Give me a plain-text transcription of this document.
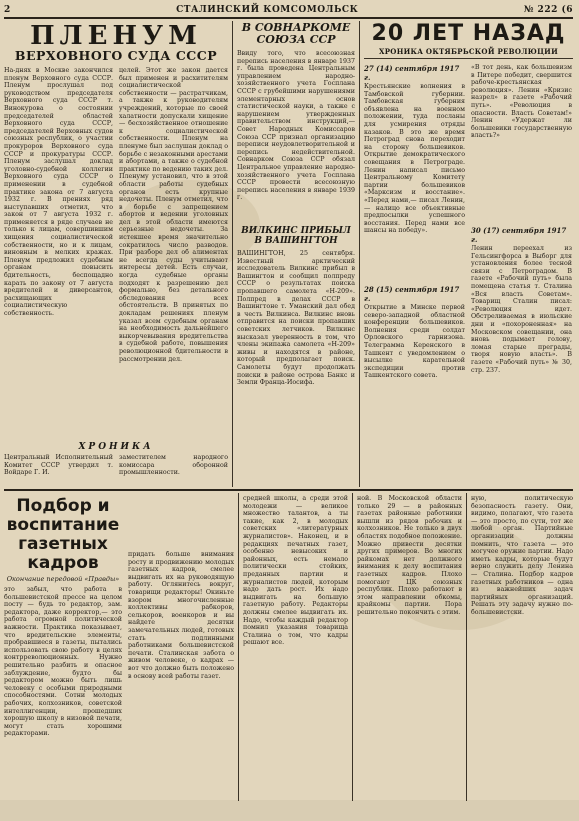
2	СТАЛИНСКИЙ КОМСОМОЛЬСК	№ 222 (6

ПЛЕНУМ

ВЕРХОВНОГО СУДА СССР

На-днях в Москве закончился пленум Верховного суда СССР. Пленум прослушал под руководством председателя Верховного суда СССР т. Винокурова о состоянии председателей областей Верховного суда СССР, председателей Верховных судов союзных республик, о участии прокуроров Верховного суда СССР и прокуратуры СССР. Пленум заслушал доклад уголовно-судебной коллегии Верховного суда СССР о применении в судебной практике закона от 7 августа 1932 г. В прениях ряд выступавших отметил, что закон от 7 августа 1932 г. применяется в ряде случаев не только к лицам, совершившим хищения социалистической собственности, но и к лицам, виновным в мелких кражах. Пленум предложил судебным органам повысить бдительность, беспощадно карать по закону от 7 августа вредителей и диверсантов, расхищающих социалистическую собственность.

целей. Этот же закон дается был применен и расхитителям социалистической собственности — растратчикам, а также к руководителям учреждений, которые по своей халатности допускали хищение — бесхозяйственное отношение к социалистической собственности. Пленум на пленуме был заслушан доклад о борьбе с незаконными арестами и абортами, а также о судебной практике по ведению таких дел. Пленуму установил, что в этой области работы судебных органов есть крупные недочеты. Пленум отметил, что в борьбе с запрещением абортов и ведении уголовных дел в этой области имеются серьезные недочеты. За истекшее время значительно сократилось число разводов. При разборе дел об алиментах не всегда суды учитывают интересы детей. Есть случаи, когда судебные органы подходят к разрешению дел формально, без детального обследования всех обстоятельств. В принятых по докладам решениях пленум указал всем судебным органам на необходимость дальнейшего выкорчевывания вредительства в судебной работе, повышения революционной бдительности в рассмотрении дел.

В СОВНАРКОМЕ СОЮЗА ССР

Ввиду того, что всесоюзная перепись населения в январе 1937 г. была проведена Центральным управлением народно-хозяйственного учета Госплана СССР с грубейшими нарушениями элементарных основ статистической науки, а также с нарушением утвержденных правительством инструкций,— Совет Народных Комиссаров Союза ССР признал организацию переписи неудовлетворительной и перепись недействительной. Совнарком Союза ССР обязал Центральное управление народно-хозяйственного учета Госплана СССР провести всесоюзную перепись населения в январе 1939 г.

ВИЛКИНС ПРИБЫЛ В ВАШИНГТОН

ВАШИНГТОН, 25 сентября. Известный арктический исследователь Вилкинс прибыл в Вашингтон и сообщил полпреду СССР о результатах поиска пропавшего самолета «Н-209». Полпред в делах СССР в Вашингтоне т. Уманский дал обед в честь Вилкинса. Вилкинс вновь отправится на поиски пропавших советских летчиков. Вилкинс высказал уверенность в том, что члены экипажа самолета «Н-209» живы и находятся в районе, который предполагает поиск. Самолеты будут продолжать поиски в районе острова Банкс и Земли Франца-Иосифа.

20 ЛЕТ НАЗАД

ХРОНИКА ОКТЯБРЬСКОЙ РЕВОЛЮЦИИ

27 (14) сентября 1917 г.

Крестьянские волнения в Тамбовской губернии. Тамбовская губерния объявлена на военном положении, туда посланы для усмирения отряды казаков. В это же время Петроград снова переходит на сторону большевиков. Открытие демократического совещания в Петрограде. Ленин написал письмо Центральному Комитету партии большевиков «Марксизм и восстание». «Перед нами,— писал Ленин,— налицо все объективные предпосылки успешного восстания. Перед нами все шансы на победу».

28 (15) сентября 1917 г.

Открытие в Минске первой северо-западной областной конференции большевиков. Волнения среди солдат Орловского гарнизона. Телеграмма Керенского в Ташкент с уведомлением о высылке карательной экспедиции против Ташкентского совета.

«В тот день, как большевизм в Питере победит, свершится рабоче-крестьянская революция». Ленин «Кризис назрел» в газете «Рабочий путь». «Революция в опасности. Власть Советам!» Ленин «Удержат ли большевики государственную власть?»

30 (17) сентября 1917 г.

Ленин переехал из Гельсингфорса в Выборг для установления более тесной связи с Петроградом. В газете «Рабочий путь» была помещена статья т. Сталина «Вся власть Советам». Товарищ Сталин писал: «Революция идет. Обстреливаемая в июльские дни и «похороненная» на Московском совещании, она вновь подымает голову, ломая старые преграды, творя новую власть». В газете «Рабочий путь» № 30, стр. 237.

ХРОНИКА

Центральный Исполнительный Комитет СССР утвердил т. Войдаре Г. И.

заместителем народного комиссара оборонной промышленности.

Подбор и воспитание газетных кадров

Окончание передовой «Правды»

это забыл, что работа в большевистской прессе на целом посту — будь то редактор, зам. редактора, даже корректор,— это работа огромной политической важности. Практика показывает, что вредительские элементы, пробравшиеся в газеты, пытались использовать свою работу в целях контрреволюционных. Нужно решительно разбить и опасное заблуждение, будто бы редактором можно быть лишь человеку с особыми природными способностями. Сотни молодых рабочих, колхозников, советской интеллигенции, прошедших хорошую школу в низовой печати, могут стать хорошими редакторами.

придать больше внимания росту и продвижению молодых газетных кадров, смелее выдвигать их на руководящую работу. Оглянитесь вокруг, товарищи редакторы! Окиньте взором многочисленные коллективы рабкоров, селькоров, военкоров и вы найдете десятки замечательных людей, готовых стать подлинными работниками большевистской печати. Сталинская забота о живом человеке, о кадрах — вот что должно быть положено в основу всей работы газет.

средней школы, а среди этой молодежи — великое множество талантов, а ты такие, как 2, в молодых советских «литературных журналистов». Наконец, и в редакциях печатных газет, особенно невысоких и районных, есть немало политически стойких, преданных партии и журналистов людей, которым надо дать рост. Их надо выдвигать на большую газетную работу. Редакторы должны смелее выдвигать их. Надо, чтобы каждый редактор помнил указания товарища Сталина о том, что кадры решают все.

ной. В Московской области только 29 — в районных газетах районные работники вышли из рядов рабочих и колхозников. Не только в двух областях подобное положение. Можно привести десятки других примеров. Во многих райкомах нет должного внимания к делу воспитания газетных кадров. Плохо помогают ЦК союзных республик. Плохо работают в этом направлении обкомы, крайкомы партии. Пора решительно покончить с этим.

ную, политическую безопасность газету. Они, видимо, полагают, что газета — это просто, по сути, тот же любой орган. Партийные организации должны помнить, что газета — это могучее оружие партии. Надо иметь кадры, которые будут верно служить делу Ленина — Сталина. Подбор кадров газетных работников — одна из важнейших задач партийных организаций. Решать эту задачу нужно по-большевистски.
